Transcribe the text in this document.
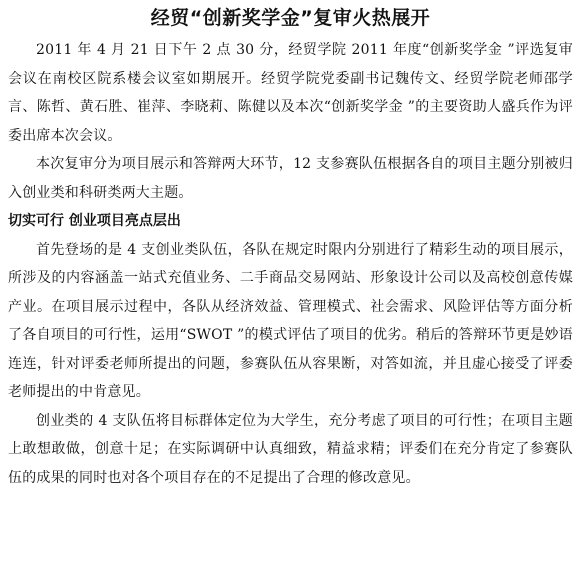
经贸“创新奖学金”复审火热展开

2011 年 4 月 21 日下午 2 点 30 分，经贸学院 2011 年度“创新奖学金 ”评选复审会议在南校区院系楼会议室如期展开。经贸学院党委副书记魏传文、经贸学院老师邵学言、陈哲、黄石胜、崔萍、李晓莉、陈健以及本次“创新奖学金 ”的主要资助人盛兵作为评委出席本次会议。

本次复审分为项目展示和答辩两大环节，12 支参赛队伍根据各自的项目主题分别被归入创业类和科研类两大主题。

切实可行 创业项目亮点层出

首先登场的是 4 支创业类队伍，各队在规定时限内分别进行了精彩生动的项目展示，所涉及的内容涵盖一站式充值业务、二手商品交易网站、形象设计公司以及高校创意传媒产业。在项目展示过程中，各队从经济效益、管理模式、社会需求、风险评估等方面分析了各自项目的可行性，运用“SWOT ”的模式评估了项目的优劣。稍后的答辩环节更是妙语连连，针对评委老师所提出的问题，参赛队伍从容果断，对答如流，并且虚心接受了评委老师提出的中肯意见。

创业类的 4 支队伍将目标群体定位为大学生，充分考虑了项目的可行性；在项目主题上敢想敢做，创意十足；在实际调研中认真细致，精益求精；评委们在充分肯定了参赛队伍的成果的同时也对各个项目存在的不足提出了合理的修改意见。
